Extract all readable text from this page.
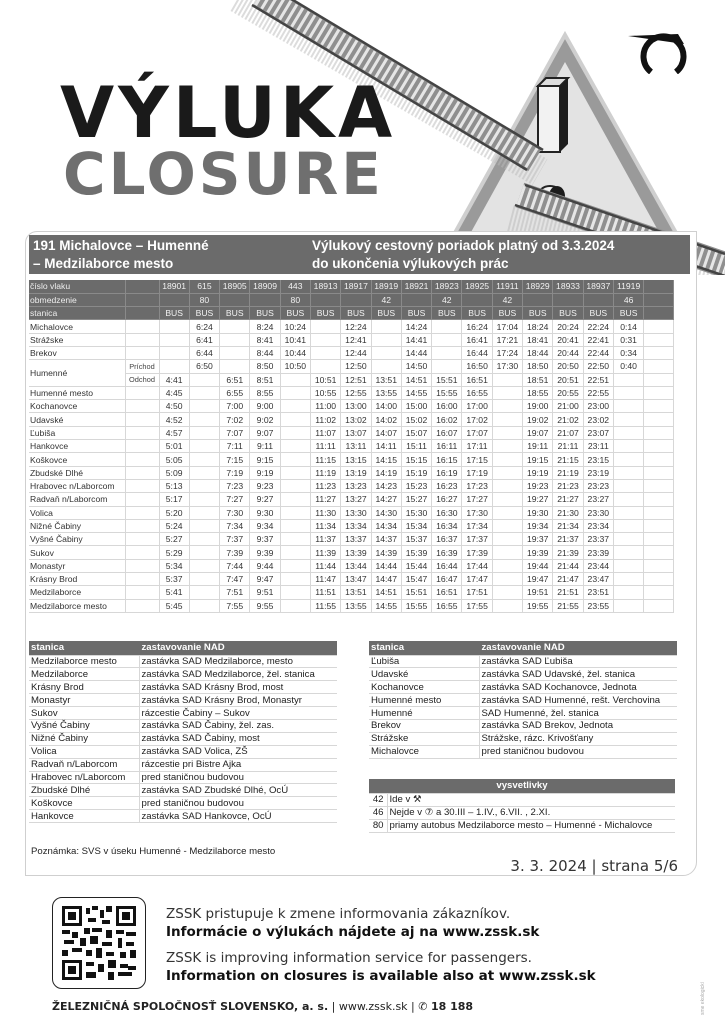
VÝLUKA
CLOSURE
191 Michalovce – Humenné
– Medzilaborce mesto
Výlukový cestovný poriadok platný od 3.3.2024
do ukončenia výlukových prác
číslo vlaku		18901	615	18905	18909	443	18913	18917	18919	18921	18923	18925	11911	18929	18933	18937	11919	
obmedzenie			80			80			42		42		42				46	
stanica		BUS	BUS	BUS	BUS	BUS	BUS	BUS	BUS	BUS	BUS	BUS	BUS	BUS	BUS	BUS	BUS	
Michalovce			6:24		8:24	10:24		12:24		14:24		16:24	17:04	18:24	20:24	22:24	0:14	
Strážske			6:41		8:41	10:41		12:41		14:41		16:41	17:21	18:41	20:41	22:41	0:31	
Brekov			6:44		8:44	10:44		12:44		14:44		16:44	17:24	18:44	20:44	22:44	0:34	
Humenné	Príchod		6:50		8:50	10:50		12:50		14:50		16:50	17:30	18:50	20:50	22:50	0:40	
	Odchod	4:41		6:51	8:51		10:51	12:51	13:51	14:51	15:51	16:51		18:51	20:51	22:51		
Humenné mesto		4:45		6:55	8:55		10:55	12:55	13:55	14:55	15:55	16:55		18:55	20:55	22:55		
Kochanovce		4:50		7:00	9:00		11:00	13:00	14:00	15:00	16:00	17:00		19:00	21:00	23:00		
Udavské		4:52		7:02	9:02		11:02	13:02	14:02	15:02	16:02	17:02		19:02	21:02	23:02		
Ľubiša		4:57		7:07	9:07		11:07	13:07	14:07	15:07	16:07	17:07		19:07	21:07	23:07		
Hankovce		5:01		7:11	9:11		11:11	13:11	14:11	15:11	16:11	17:11		19:11	21:11	23:11		
Koškovce		5:05		7:15	9:15		11:15	13:15	14:15	15:15	16:15	17:15		19:15	21:15	23:15		
Zbudské Dlhé		5:09		7:19	9:19		11:19	13:19	14:19	15:19	16:19	17:19		19:19	21:19	23:19		
Hrabovec n/Laborcom		5:13		7:23	9:23		11:23	13:23	14:23	15:23	16:23	17:23		19:23	21:23	23:23		
Radvaň n/Laborcom		5:17		7:27	9:27		11:27	13:27	14:27	15:27	16:27	17:27		19:27	21:27	23:27		
Volica		5:20		7:30	9:30		11:30	13:30	14:30	15:30	16:30	17:30		19:30	21:30	23:30		
Nižné Čabiny		5:24		7:34	9:34		11:34	13:34	14:34	15:34	16:34	17:34		19:34	21:34	23:34		
Vyšné Čabiny		5:27		7:37	9:37		11:37	13:37	14:37	15:37	16:37	17:37		19:37	21:37	23:37		
Sukov		5:29		7:39	9:39		11:39	13:39	14:39	15:39	16:39	17:39		19:39	21:39	23:39		
Monastyr		5:34		7:44	9:44		11:44	13:44	14:44	15:44	16:44	17:44		19:44	21:44	23:44		
Krásny Brod		5:37		7:47	9:47		11:47	13:47	14:47	15:47	16:47	17:47		19:47	21:47	23:47		
Medzilaborce		5:41		7:51	9:51		11:51	13:51	14:51	15:51	16:51	17:51		19:51	21:51	23:51		
Medzilaborce mesto		5:45		7:55	9:55		11:55	13:55	14:55	15:55	16:55	17:55		19:55	21:55	23:55		
stanica	zastavovanie NAD
Medzilaborce mesto	zastávka SAD Medzilaborce, mesto
Medzilaborce	zastávka SAD Medzilaborce, žel. stanica
Krásny Brod	zastávka SAD Krásny Brod, most
Monastyr	zastávka SAD Krásny Brod, Monastyr
Sukov	rázcestie Čabiny – Sukov
Vyšné Čabiny	zastávka SAD Čabiny, žel. zas.
Nižné Čabiny	zastávka SAD Čabiny, most
Volica	zastávka SAD Volica, ZŠ
Radvaň n/Laborcom	rázcestie pri Bistre Ajka
Hrabovec n/Laborcom	pred staničnou budovou
Zbudské Dlhé	zastávka SAD Zbudské Dlhé, OcÚ
Koškovce	pred staničnou budovou
Hankovce	zastávka SAD Hankovce, OcÚ
stanica	zastavovanie NAD
Ľubiša	zastávka SAD Ľubiša
Udavské	zastávka SAD Udavské, žel. stanica
Kochanovce	zastávka SAD Kochanovce, Jednota
Humenné mesto	zastávka SAD Humenné, rešt. Verchovina
Humenné	SAD Humenné, žel. stanica
Brekov	zastávka SAD Brekov, Jednota
Strážske	Strážske, rázc. Krivošťany
Michalovce	pred staničnou budovou
Poznámka: SVS v úseku Humenné - Medzilaborce mesto
vysvetlivky	
42	Ide v ⚒
46	Nejde v ⑦ a 30.III – 1.IV., 6.VII. , 2.XI.
80	priamy autobus Medzilaborce mesto – Humenné - Michalovce
3. 3. 2024 | strana 5/6
ZSSK pristupuje k zmene informovania zákazníkov.
Informácie o výlukách nájdete aj na www.zssk.sk
ZSSK is improving information service for passengers.
Information on closures is available also at www.zssk.sk
ŽELEZNIČNÁ SPOLOČNOSŤ SLOVENSKO, a. s. | www.zssk.sk | ✆ 18 188	sme ekologickí
